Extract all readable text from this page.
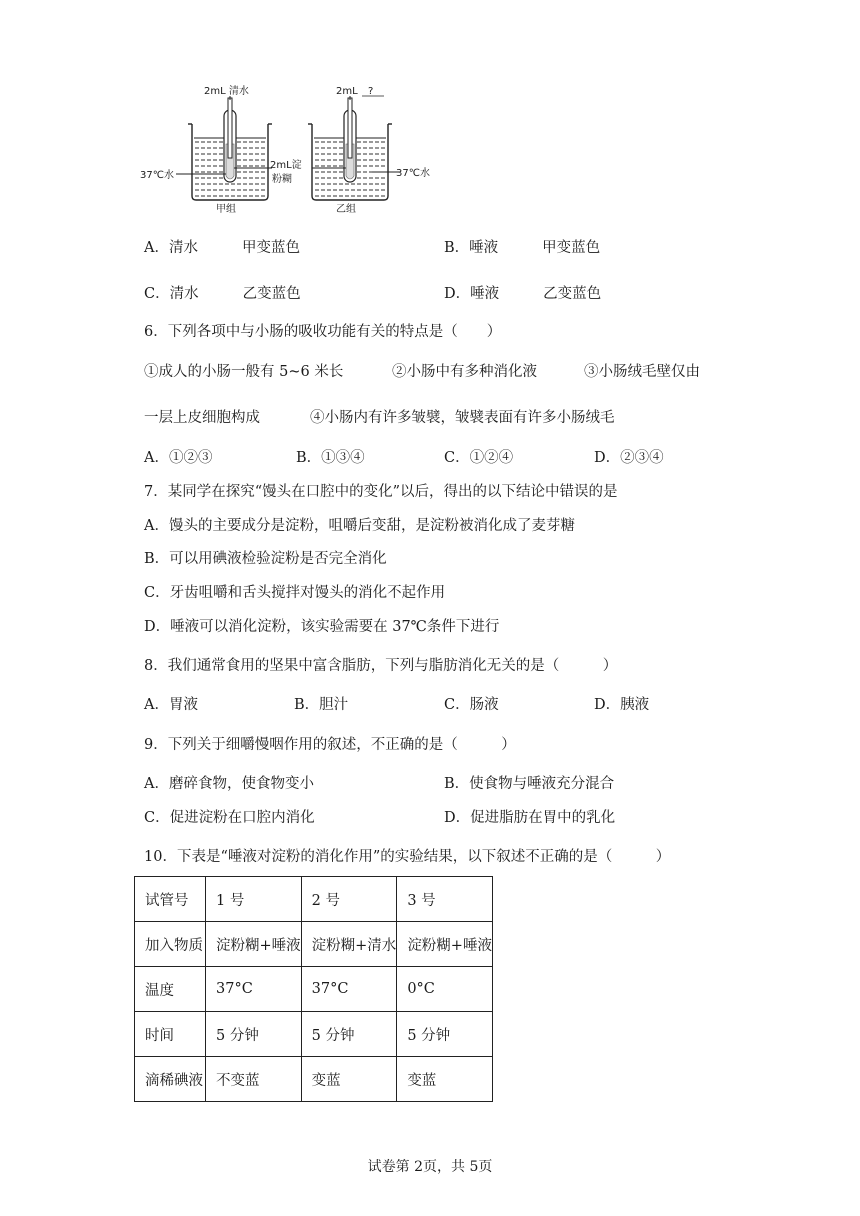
2mL 清水	2mL ?
2mL淀
粉糊
37℃水	37℃水
甲组	乙组
A．清水	甲变蓝色	B．唾液	甲变蓝色
C．清水	乙变蓝色	D．唾液	乙变蓝色
6．下列各项中与小肠的吸收功能有关的特点是（　　）
①成人的小肠一般有 5~6 米长	②小肠中有多种消化液	③小肠绒毛壁仅由
一层上皮细胞构成	④小肠内有许多皱襞，皱襞表面有许多小肠绒毛
A．①②③	B．①③④	C．①②④	D．②③④
7．某同学在探究“馒头在口腔中的变化”以后，得出的以下结论中错误的是
A．馒头的主要成分是淀粉，咀嚼后变甜，是淀粉被消化成了麦芽糖
B．可以用碘液检验淀粉是否完全消化
C．牙齿咀嚼和舌头搅拌对馒头的消化不起作用
D．唾液可以消化淀粉，该实验需要在 37℃条件下进行
8．我们通常食用的坚果中富含脂肪，下列与脂肪消化无关的是（　　　）
A．胃液	B．胆汁	C．肠液	D．胰液
9．下列关于细嚼慢咽作用的叙述，不正确的是（　　　）
A．磨碎食物，使食物变小	B．使食物与唾液充分混合
C．促进淀粉在口腔内消化	D．促进脂肪在胃中的乳化
10．下表是“唾液对淀粉的消化作用”的实验结果，以下叙述不正确的是（　　　）
试管号	1 号	2 号	3 号
加入物质	淀粉糊+唾液	淀粉糊+清水	淀粉糊+唾液
温度	37°C	37°C	0°C
时间	5 分钟	5 分钟	5 分钟
滴稀碘液	不变蓝	变蓝	变蓝
试卷第 2页，共 5页
